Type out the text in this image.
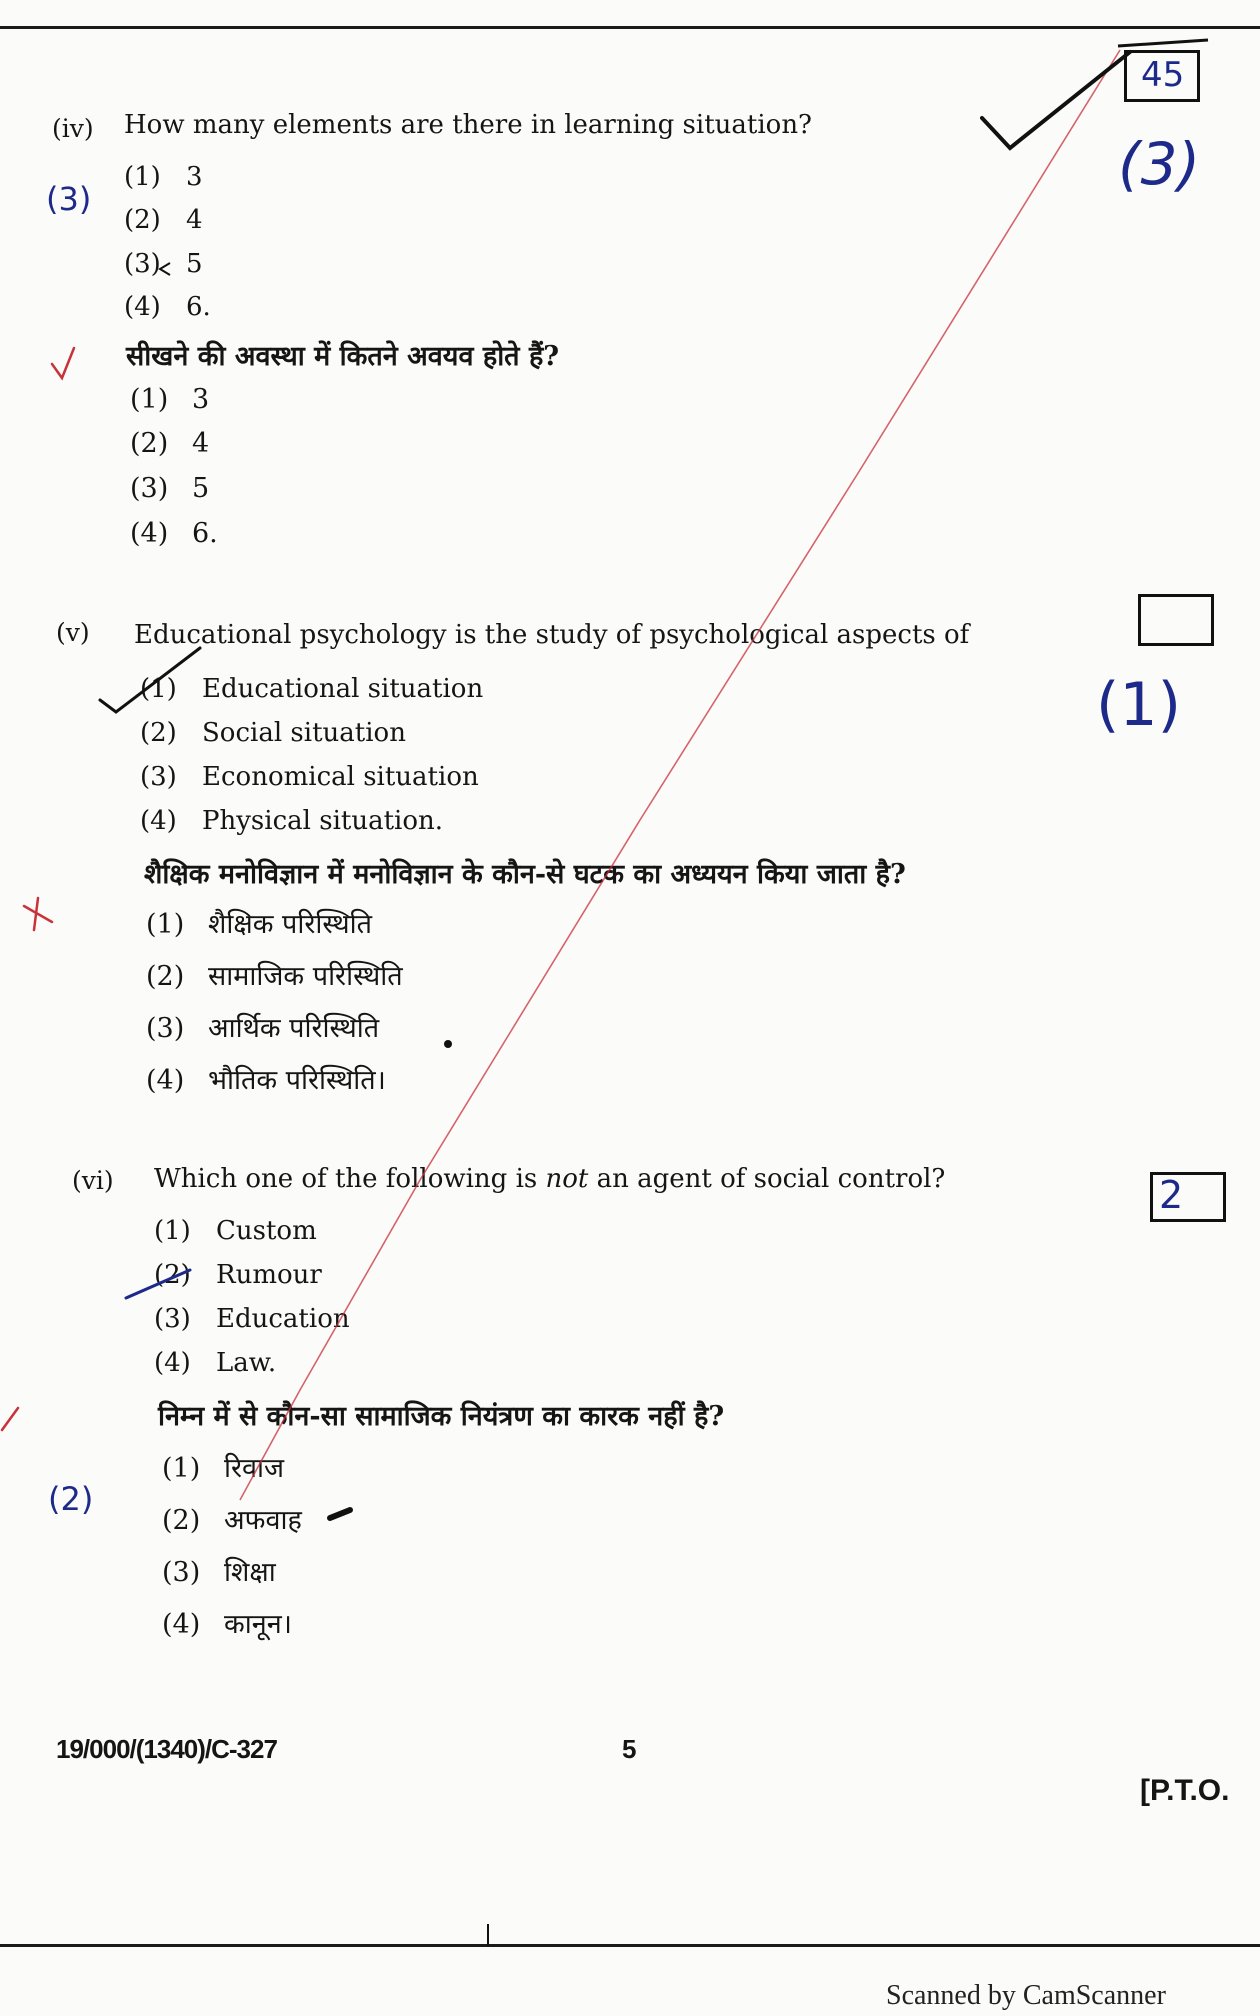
(iv) How many elements are there in learning situation?
(1) 3
(2) 4
(3) 5
(4) 6.
सीखने की अवस्था में कितने अवयव होते हैं?
(1) 3
(2) 4
(3) 5
(4) 6.
(3)
(3)
45
(v) Educational psychology is the study of psychological aspects of
(1) Educational situation
(2) Social situation
(3) Economical situation
(4) Physical situation.
शैक्षिक मनोविज्ञान में मनोविज्ञान के कौन-से घटक का अध्ययन किया जाता है?
(1) शैक्षिक परिस्थिति
(2) सामाजिक परिस्थिति
(3) आर्थिक परिस्थिति
(4) भौतिक परिस्थिति।
(1)
(vi) Which one of the following is not an agent of social control?
(1) Custom
(2) Rumour
(3) Education
(4) Law.
निम्न में से कौन-सा सामाजिक नियंत्रण का कारक नहीं है?
(1) रिवाज
(2) अफवाह
(3) शिक्षा
(4) कानून।
(2)
2
19/000/(1340)/C-327	5
[P.T.O.
Scanned by CamScanner
